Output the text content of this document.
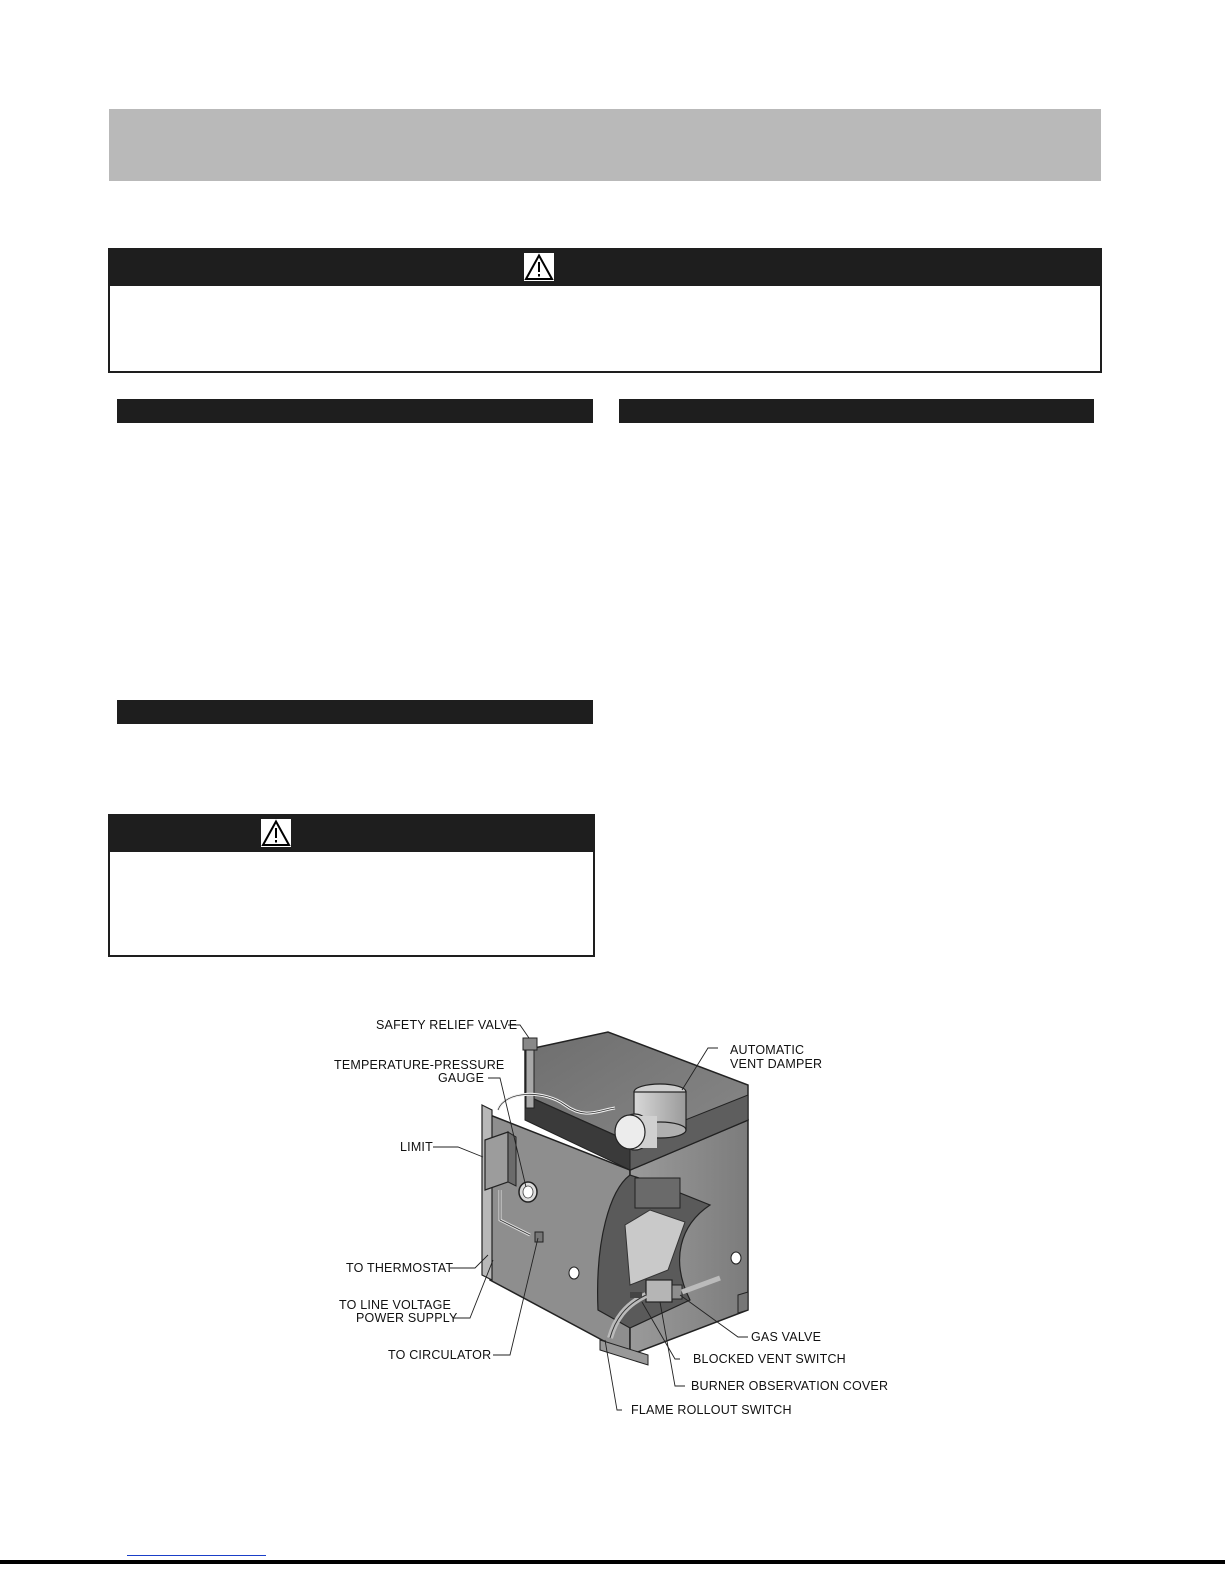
SAFETY RELIEF VALVE
TEMPERATURE-PRESSURE
GAUGE
AUTOMATIC
VENT DAMPER
LIMIT
TO THERMOSTAT
TO LINE VOLTAGE
POWER SUPPLY
TO CIRCULATOR
GAS VALVE
BLOCKED VENT SWITCH
BURNER OBSERVATION COVER
FLAME ROLLOUT SWITCH
